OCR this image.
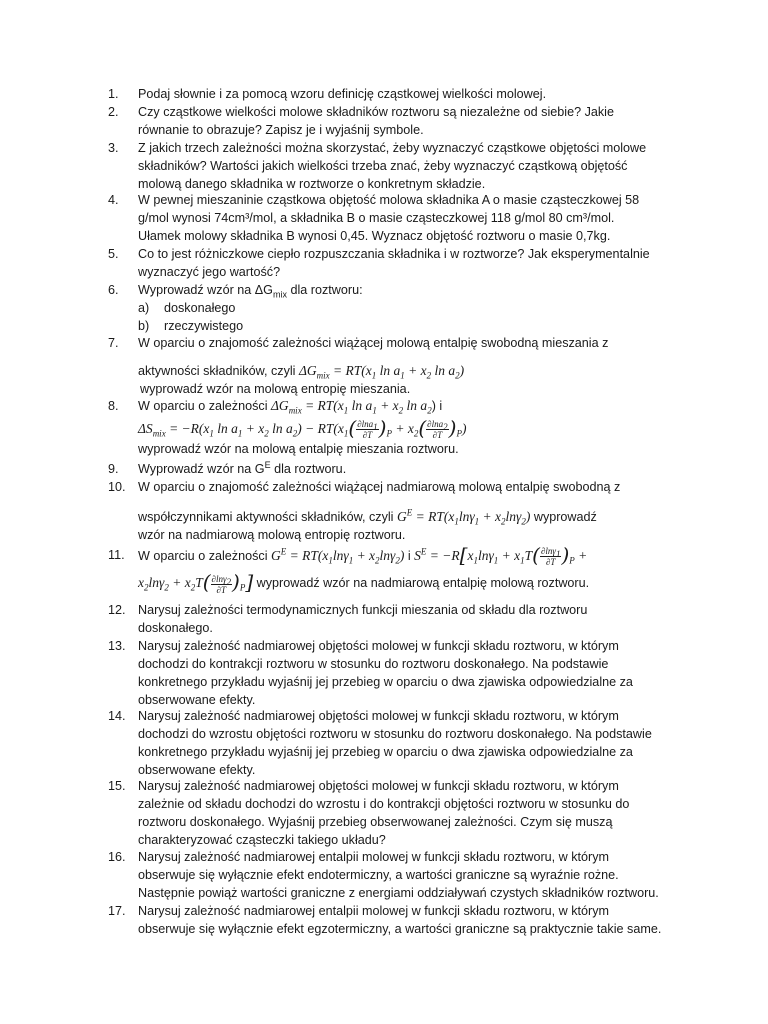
1.	Podaj słownie i za pomocą wzoru definicję cząstkowej wielkości molowej.
2.	Czy cząstkowe wielkości molowe składników roztworu są niezależne od siebie? Jakie
równanie to obrazuje? Zapisz je i wyjaśnij symbole.
3.	Z jakich trzech zależności można skorzystać, żeby wyznaczyć cząstkowe objętości molowe
składników? Wartości jakich wielkości trzeba znać, żeby wyznaczyć cząstkową objętość
molową danego składnika w roztworze o konkretnym składzie.
4.	W pewnej mieszaninie cząstkowa objętość molowa składnika A o masie cząsteczkowej 58
g/mol wynosi 74cm³/mol, a składnika B o masie cząsteczkowej 118 g/mol 80 cm³/mol.
Ułamek molowy składnika B wynosi 0,45. Wyznacz objętość roztworu o masie 0,7kg.
5.	Co to jest różniczkowe ciepło rozpuszczania składnika i w roztworze? Jak eksperymentalnie
wyznaczyć jego wartość?
6.	Wyprowadź wzór na $\Delta G_{mix}$ dla roztworu:
a) doskonałego
b) rzeczywistego
7.	W oparciu o znajomość zależności wiążącej molową entalpię swobodną mieszania z
aktywności składników, czyli $\Delta G_{mix} = RT(x_1$ $\ln a_1 + x_2$ $\ln a_2$)
wyprowadź wzór na molową entropię mieszania.
8.	W oparciu o zależności $\Delta G_{mix} = RT(x_1$ $\ln a_1 + x_2$ $\ln a_2$) i
$\Delta S_{mix} = -R(x_1$ $\ln a_1 + x_2$ $\ln a_2) - RT(x_1( \frac{\partial\ln a_1}{\partial T} )_P + x_2( \frac{\partial\ln a_2}{\partial T} )_P)$
wyprowadź wzór na molową entalpię mieszania roztworu.
9.	Wyprowadź wzór na $G^E$ dla roztworu.
10. W oparciu o znajomość zależności wiążącej nadmiarową molową entalpię swobodną z
współczynnikami aktywności składników, czyli $G^E = RT(x_1\ln\gamma_1 + x_2\ln\gamma_2)$ wyprowadź
wzór na nadmiarową molową entropię roztworu.
11.	W oparciu o zależności $G^E = RT(x_1\ln\gamma_1 + x_2\ln\gamma_2)$ i $S^E = -R[x_1\ln\gamma_1 + x_1T( \frac{\partial\ln\gamma_1}{\partial T} )_P$ +
$x_2\ln\gamma_2 + x_2T( \frac{\partial\ln\gamma_2}{\partial T} )_P$] wyprowadź wzór na nadmiarową entalpię molową roztworu.
12. Narysuj zależności termodynamicznych funkcji mieszania od składu dla roztworu
doskonałego.
13. Narysuj zależność nadmiarowej objętości molowej w funkcji składu roztworu, w którym
dochodzi do kontrakcji roztworu w stosunku do roztworu doskonałego. Na podstawie
konkretnego przykładu wyjaśnij jej przebieg w oparciu o dwa zjawiska odpowiedzialne za
obserwowane efekty.
14. Narysuj zależność nadmiarowej objętości molowej w funkcji składu roztworu, w którym
dochodzi do wzrostu objętości roztworu w stosunku do roztworu doskonałego. Na podstawie
konkretnego przykładu wyjaśnij jej przebieg w oparciu o dwa zjawiska odpowiedzialne za
obserwowane efekty.
15. Narysuj zależność nadmiarowej objętości molowej w funkcji składu roztworu, w którym
zależnie od składu dochodzi do wzrostu i do kontrakcji objętości roztworu w stosunku do
roztworu doskonałego. Wyjaśnij przebieg obserwowanej zależności. Czym się muszą
charakteryzować cząsteczki takiego układu?
16. Narysuj zależność nadmiarowej entalpii molowej w funkcji składu roztworu, w którym
obserwuje się wyłącznie efekt endotermiczny, a wartości graniczne są wyraźnie rożne.
Następnie powiąż wartości graniczne z energiami oddziaływań czystych składników roztworu.
17. Narysuj zależność nadmiarowej entalpii molowej w funkcji składu roztworu, w którym
obserwuje się wyłącznie efekt egzotermiczny, a wartości graniczne są praktycznie takie same.
